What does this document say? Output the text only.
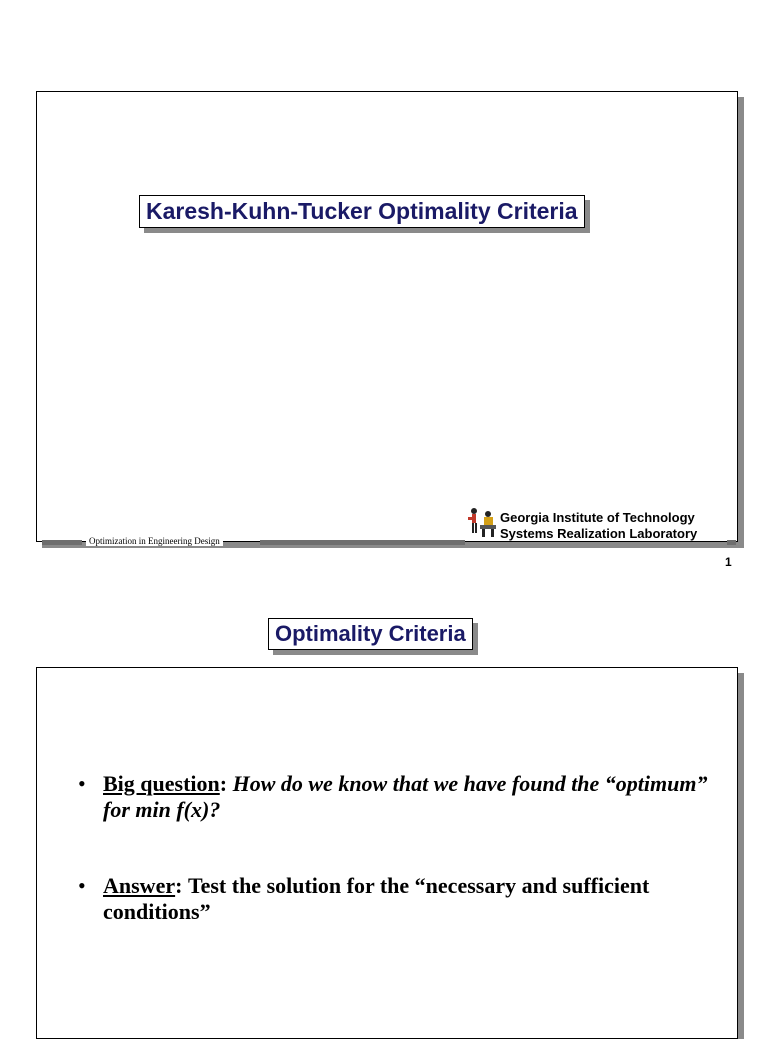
Karesh-Kuhn-Tucker Optimality Criteria
Optimization in Engineering Design
Georgia Institute of Technology
Systems Realization Laboratory
1
Optimality Criteria
• Big question: How do we know that we have found the “optimum” for min f(x)?
• Answer: Test the solution for the “necessary and sufficient conditions”
